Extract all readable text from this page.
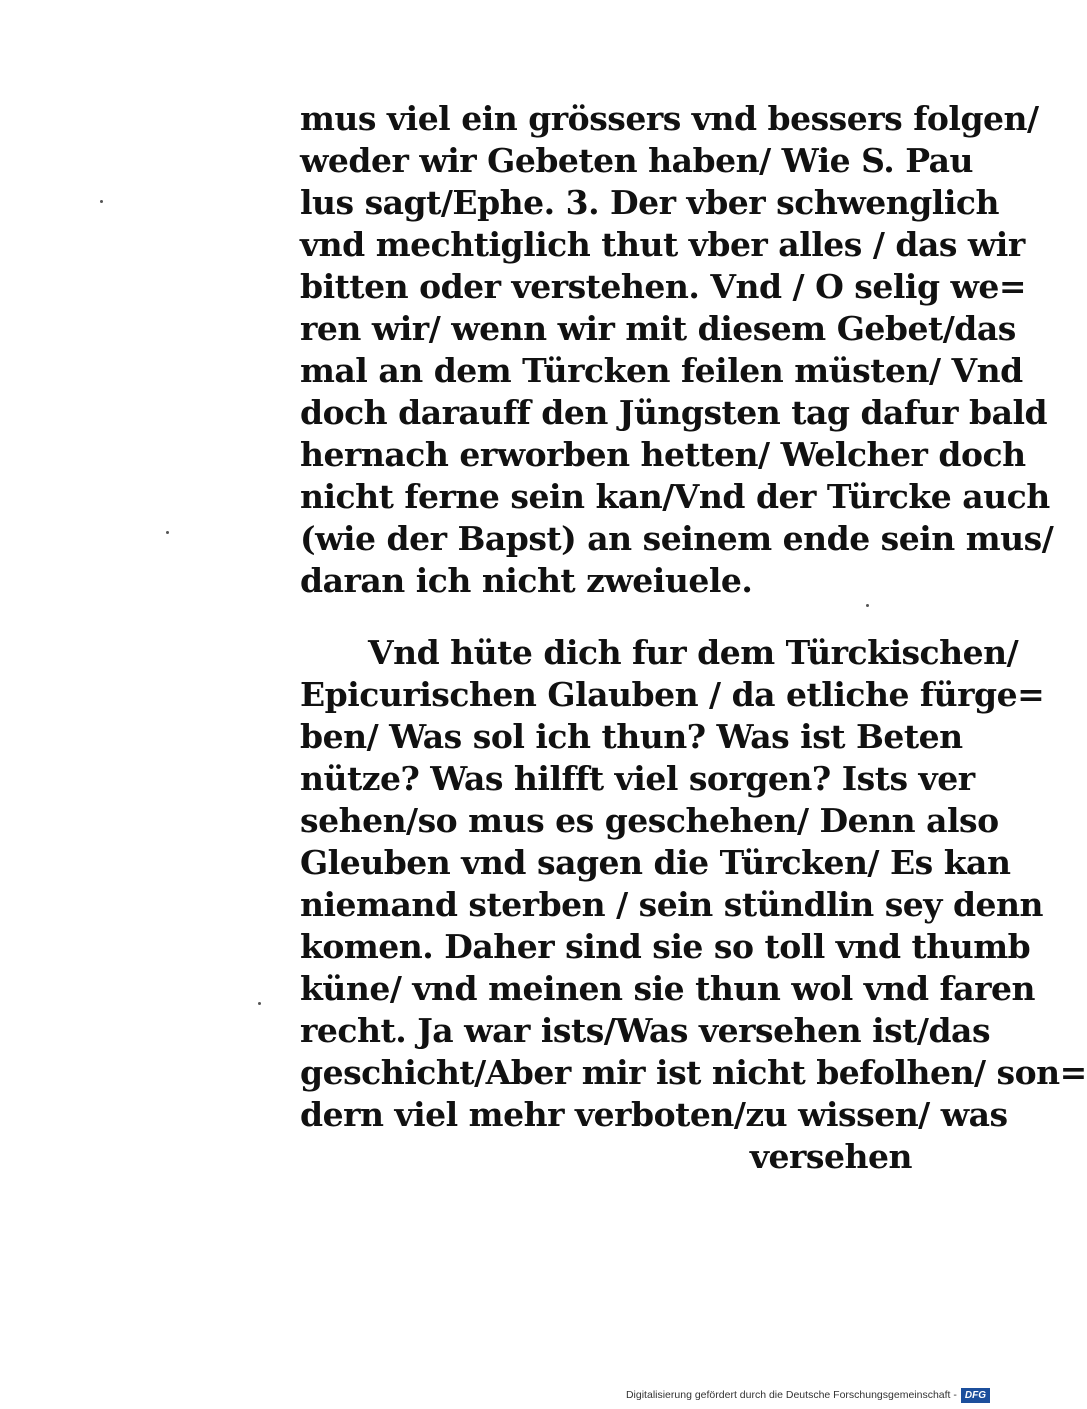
mus viel ein grössers vnd bessers folgen/
weder wir Gebeten haben/ Wie S. Pau
lus sagt/Ephe. 3. Der vber schwenglich
vnd mechtiglich thut vber alles / das wir
bitten oder verstehen. Vnd / O selig we=
ren wir/ wenn wir mit diesem Gebet/das
mal an dem Türcken feilen müsten/ Vnd
doch darauff den Jüngsten tag dafur bald
hernach erworben hetten/ Welcher doch
nicht ferne sein kan/Vnd der Türcke auch
(wie der Bapst) an seinem ende sein mus/
daran ich nicht zweiuele.
Vnd hüte dich fur dem Türckischen/
Epicurischen Glauben / da etliche fürge=
ben/ Was sol ich thun? Was ist Beten
nütze? Was hilfft viel sorgen? Ists ver
sehen/so mus es geschehen/ Denn also
Gleuben vnd sagen die Türcken/ Es kan
niemand sterben / sein stündlin sey denn
komen. Daher sind sie so toll vnd thumb
küne/ vnd meinen sie thun wol vnd faren
recht. Ja war ists/Was versehen ist/das
geschicht/Aber mir ist nicht befolhen/ son=
dern viel mehr verboten/zu wissen/ was
versehen
Digitalisierung gefördert durch die Deutsche Forschungsgemeinschaft - DFG
